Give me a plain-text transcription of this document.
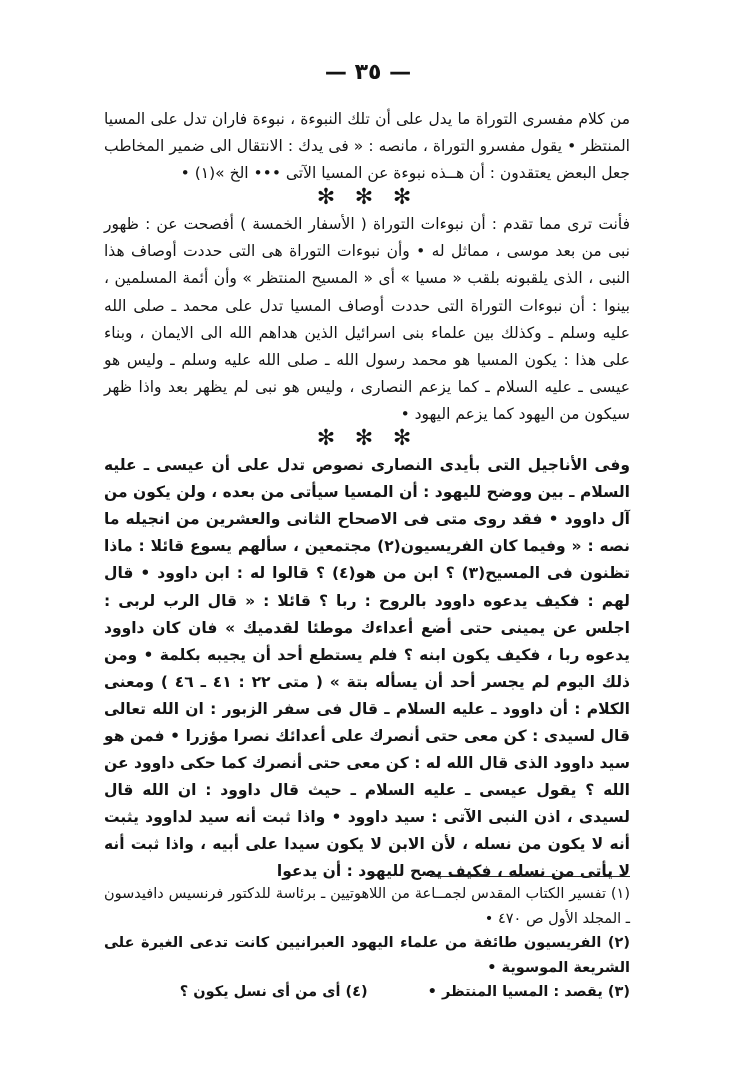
— ٣٥ —

من كلام مفسرى التوراة ما يدل على أن تلك النبوءة ، نبوءة فاران تدل على المسيا المنتظر • يقول مفسرو التوراة ، مانصه : « فى يدك : الانتقال الى ضمير المخاطب جعل البعض يعتقدون : أن هــذه نبوءة عن المسيا الآتى ••• الخ »(١) •

✻ ✻ ✻

فأنت ترى مما تقدم : أن نبوءات التوراة ( الأسفار الخمسة ) أفصحت عن : ظهور نبى من بعد موسى ، مماثل له • وأن نبوءات التوراة هى التى حددت أوصاف هذا النبى ، الذى يلقبونه بلقب « مسيا » أى « المسيح المنتظر » وأن أئمة المسلمين ، بينوا : أن نبوءات التوراة التى حددت أوصاف المسيا تدل على محمد ـ صلى الله عليه وسلم ـ وكذلك بين علماء بنى اسرائيل الذين هداهم الله الى الايمان ، وبناء على هذا : يكون المسيا هو محمد رسول الله ـ صلى الله عليه وسلم ـ وليس هو عيسى ـ عليه السلام ـ كما يزعم النصارى ، وليس هو نبى لم يظهر بعد واذا ظهر سيكون من اليهود كما يزعم اليهود •

✻ ✻ ✻

وفى الأناجيل التى بأيدى النصارى نصوص تدل على أن عيسى ـ عليه السلام ـ بين ووضح لليهود : أن المسيا سيأتى من بعده ، ولن يكون من آل داوود • فقد روى متى فى الاصحاح الثانى والعشرين من انجيله ما نصه : « وفيما كان الفريسيون(٢) مجتمعين ، سألهم يسوع قائلا : ماذا تظنون فى المسيح(٣) ؟ ابن من هو(٤) ؟ قالوا له : ابن داوود • قال لهم : فكيف يدعوه داوود بالروح : ربا ؟ قائلا : « قال الرب لربى : اجلس عن يمينى حتى أضع أعداءك موطئا لقدميك » فان كان داوود يدعوه ربا ، فكيف يكون ابنه ؟ فلم يستطع أحد أن يجيبه بكلمة • ومن ذلك اليوم لم يجسر أحد أن يسأله بتة » ( متى ٢٢ : ٤١ ـ ٤٦ ) ومعنى الكلام : أن داوود ـ عليه السلام ـ قال فى سفر الزبور : ان الله تعالى قال لسيدى : كن معى حتى أنصرك على أعدائك نصرا مؤزرا • فمن هو سيد داوود الذى قال الله له : كن معى حتى أنصرك كما حكى داوود عن الله ؟ يقول عيسى ـ عليه السلام ـ حيث قال داوود : ان الله قال لسيدى ، اذن النبى الآتى : سيد داوود • واذا ثبت أنه سيد لداوود يثبت أنه لا يكون من نسله ، لأن الابن لا يكون سيدا على أبيه ، واذا ثبت أنه لا يأتى من نسله ، فكيف يصح لليهود : أن يدعوا

(١) تفسير الكتاب المقدس لجمــاعة من اللاهوتيين ـ برئاسة للدكتور فرنسيس دافيدسون ـ المجلد الأول ص ٤٧٠ •

(٢) الفريسيون طائفة من علماء اليهود العبرانيين كانت تدعى الغيرة على الشريعة الموسوية •

(٣) يقصد : المسيا المنتظر •
(٤) أى من أى نسل يكون ؟
